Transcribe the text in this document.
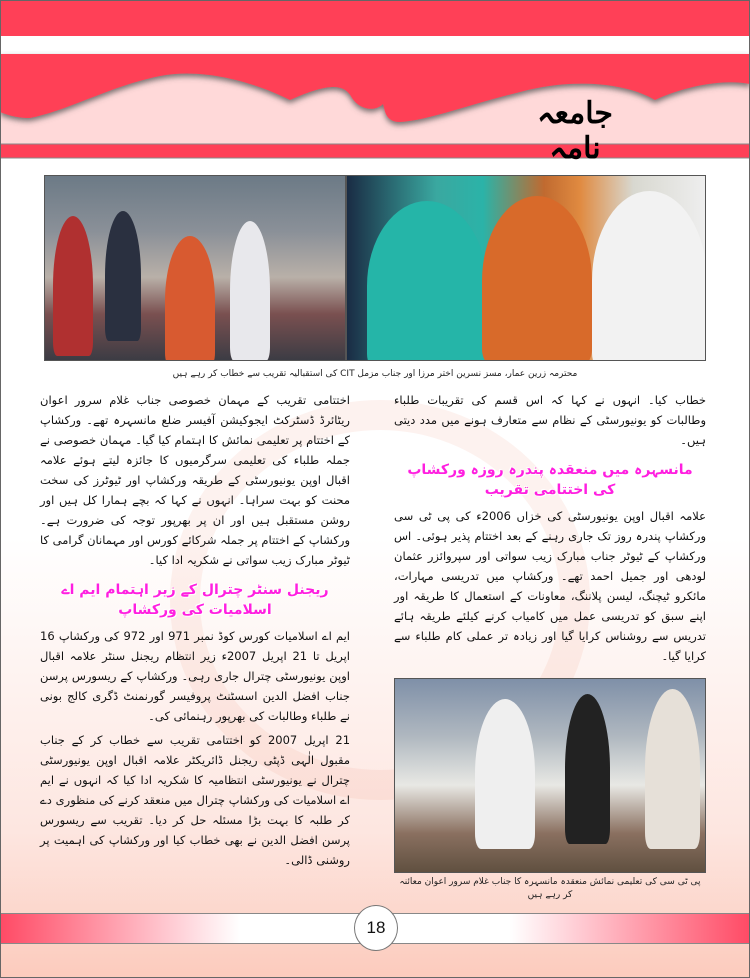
جامعہ نامہ
محترمہ زرین عمار، مسز نسرین اختر مرزا اور جناب مزمل CIT کی استقبالیہ تقریب سے خطاب کر رہے ہیں
خطاب کیا۔ انہوں نے کہا کہ اس قسم کی تقریبات طلباء وطالبات کو یونیورسٹی کے نظام سے متعارف ہونے میں مدد دیتی ہیں۔
مانسہرہ میں منعقدہ پندرہ روزہ ورکشاپ کی اختتامی تقریب
علامہ اقبال اوپن یونیورسٹی کی خزاں 2006ء کی پی ٹی سی ورکشاپ پندرہ روز تک جاری رہنے کے بعد اختتام پذیر ہوئی۔ اس ورکشاپ کے ٹیوٹر جناب مبارک زیب سواتی اور سپروائزر عثمان لودھی اور جمیل احمد تھے۔ ورکشاپ میں تدریسی مہارات، مائکرو ٹیچنگ، لیسن پلاننگ، معاونات کے استعمال کا طریقہ اور اپنے سبق کو تدریسی عمل میں کامیاب کرنے کیلئے طریقہ ہائے تدریس سے روشناس کرایا گیا اور زیادہ تر عملی کام طلباء سے کرایا گیا۔
پی ٹی سی کی تعلیمی نمائش منعقدہ مانسہرہ کا جناب غلام سرور اعوان معائنہ کر رہے ہیں
اختتامی تقریب کے مہمان خصوصی جناب غلام سرور اعوان ریٹائرڈ ڈسٹرکٹ ایجوکیشن آفیسر ضلع مانسہرہ تھے۔ ورکشاپ کے اختتام پر تعلیمی نمائش کا اہتمام کیا گیا۔ مہمان خصوصی نے جملہ طلباء کی تعلیمی سرگرمیوں کا جائزہ لیتے ہوئے علامہ اقبال اوپن یونیورسٹی کے طریقہ ورکشاپ اور ٹیوٹرز کی سخت محنت کو بہت سراہا۔ انہوں نے کہا کہ بچے ہمارا کل ہیں اور روشن مستقبل ہیں اور ان پر بھرپور توجہ کی ضرورت ہے۔ ورکشاپ کے اختتام پر جملہ شرکائے کورس اور مہمانان گرامی کا ٹیوٹر مبارک زیب سواتی نے شکریہ ادا کیا۔
ریجنل سنٹر چترال کے زیر اہتمام ایم اے اسلامیات کی ورکشاپ
ایم اے اسلامیات کورس کوڈ نمبر 971 اور 972 کی ورکشاپ 16 اپریل تا 21 اپریل 2007ء زیر انتظام ریجنل سنٹر علامہ اقبال اوپن یونیورسٹی چترال جاری رہی۔ ورکشاپ کے ریسورس پرسن جناب افضل الدین اسسٹنٹ پروفیسر گورنمنٹ ڈگری کالج بونی نے طلباء وطالبات کی بھرپور رہنمائی کی۔
21 اپریل 2007 کو اختتامی تقریب سے خطاب کر کے جناب مقبول الٰہی ڈپٹی ریجنل ڈائریکٹر علامہ اقبال اوپن یونیورسٹی چترال نے یونیورسٹی انتظامیہ کا شکریہ ادا کیا کہ انہوں نے ایم اے اسلامیات کی ورکشاپ چترال میں منعقد کرنے کی منظوری دے کر طلبہ کا بہت بڑا مسئلہ حل کر دیا۔ تقریب سے ریسورس پرسن افضل الدین نے بھی خطاب کیا اور ورکشاپ کی اہمیت پر روشنی ڈالی۔
18
